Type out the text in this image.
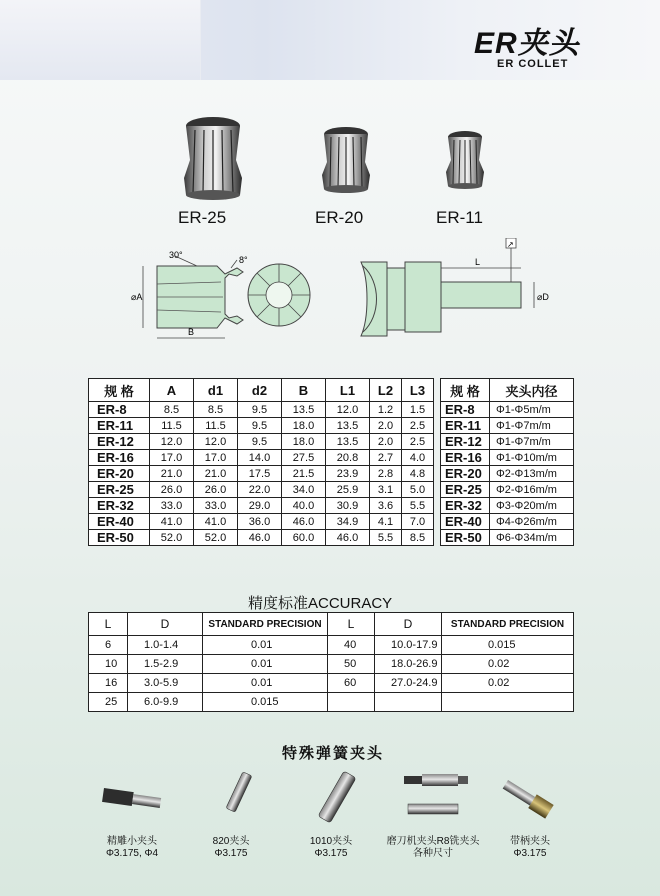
ER夹头
ER COLLET
ER-25	ER-20	ER-11
30°	8°
⌀A
B
L
↗
⌀D
规 格	A	d1	d2	B	L1	L2	L3
ER-8	8.5	8.5	9.5	13.5	12.0	1.2	1.5
ER-11	11.5	11.5	9.5	18.0	13.5	2.0	2.5
ER-12	12.0	12.0	9.5	18.0	13.5	2.0	2.5
ER-16	17.0	17.0	14.0	27.5	20.8	2.7	4.0
ER-20	21.0	21.0	17.5	21.5	23.9	2.8	4.8
ER-25	26.0	26.0	22.0	34.0	25.9	3.1	5.0
ER-32	33.0	33.0	29.0	40.0	30.9	3.6	5.5
ER-40	41.0	41.0	36.0	46.0	34.9	4.1	7.0
ER-50	52.0	52.0	46.0	60.0	46.0	5.5	8.5
规 格	夹头内径
ER-8	Φ1-Φ5m/m
ER-11	Φ1-Φ7m/m
ER-12	Φ1-Φ7m/m
ER-16	Φ1-Φ10m/m
ER-20	Φ2-Φ13m/m
ER-25	Φ2-Φ16m/m
ER-32	Φ3-Φ20m/m
ER-40	Φ4-Φ26m/m
ER-50	Φ6-Φ34m/m
精度标准ACCURACY
L	D	STANDARD PRECISION	L	D	STANDARD PRECISION
6	1.0-1.4	0.01	40	10.0-17.9	0.015
10	1.5-2.9	0.01	50	18.0-26.9	0.02
16	3.0-5.9	0.01	60	27.0-24.9	0.02
25	6.0-9.9	0.015			
特殊弹簧夹头
精雕小夹头
Φ3.175, Φ4
820夹头
Φ3.175
1010夹头
Φ3.175
磨刀机夹头R8铣夹头
各种尺寸
带柄夹头
Φ3.175
